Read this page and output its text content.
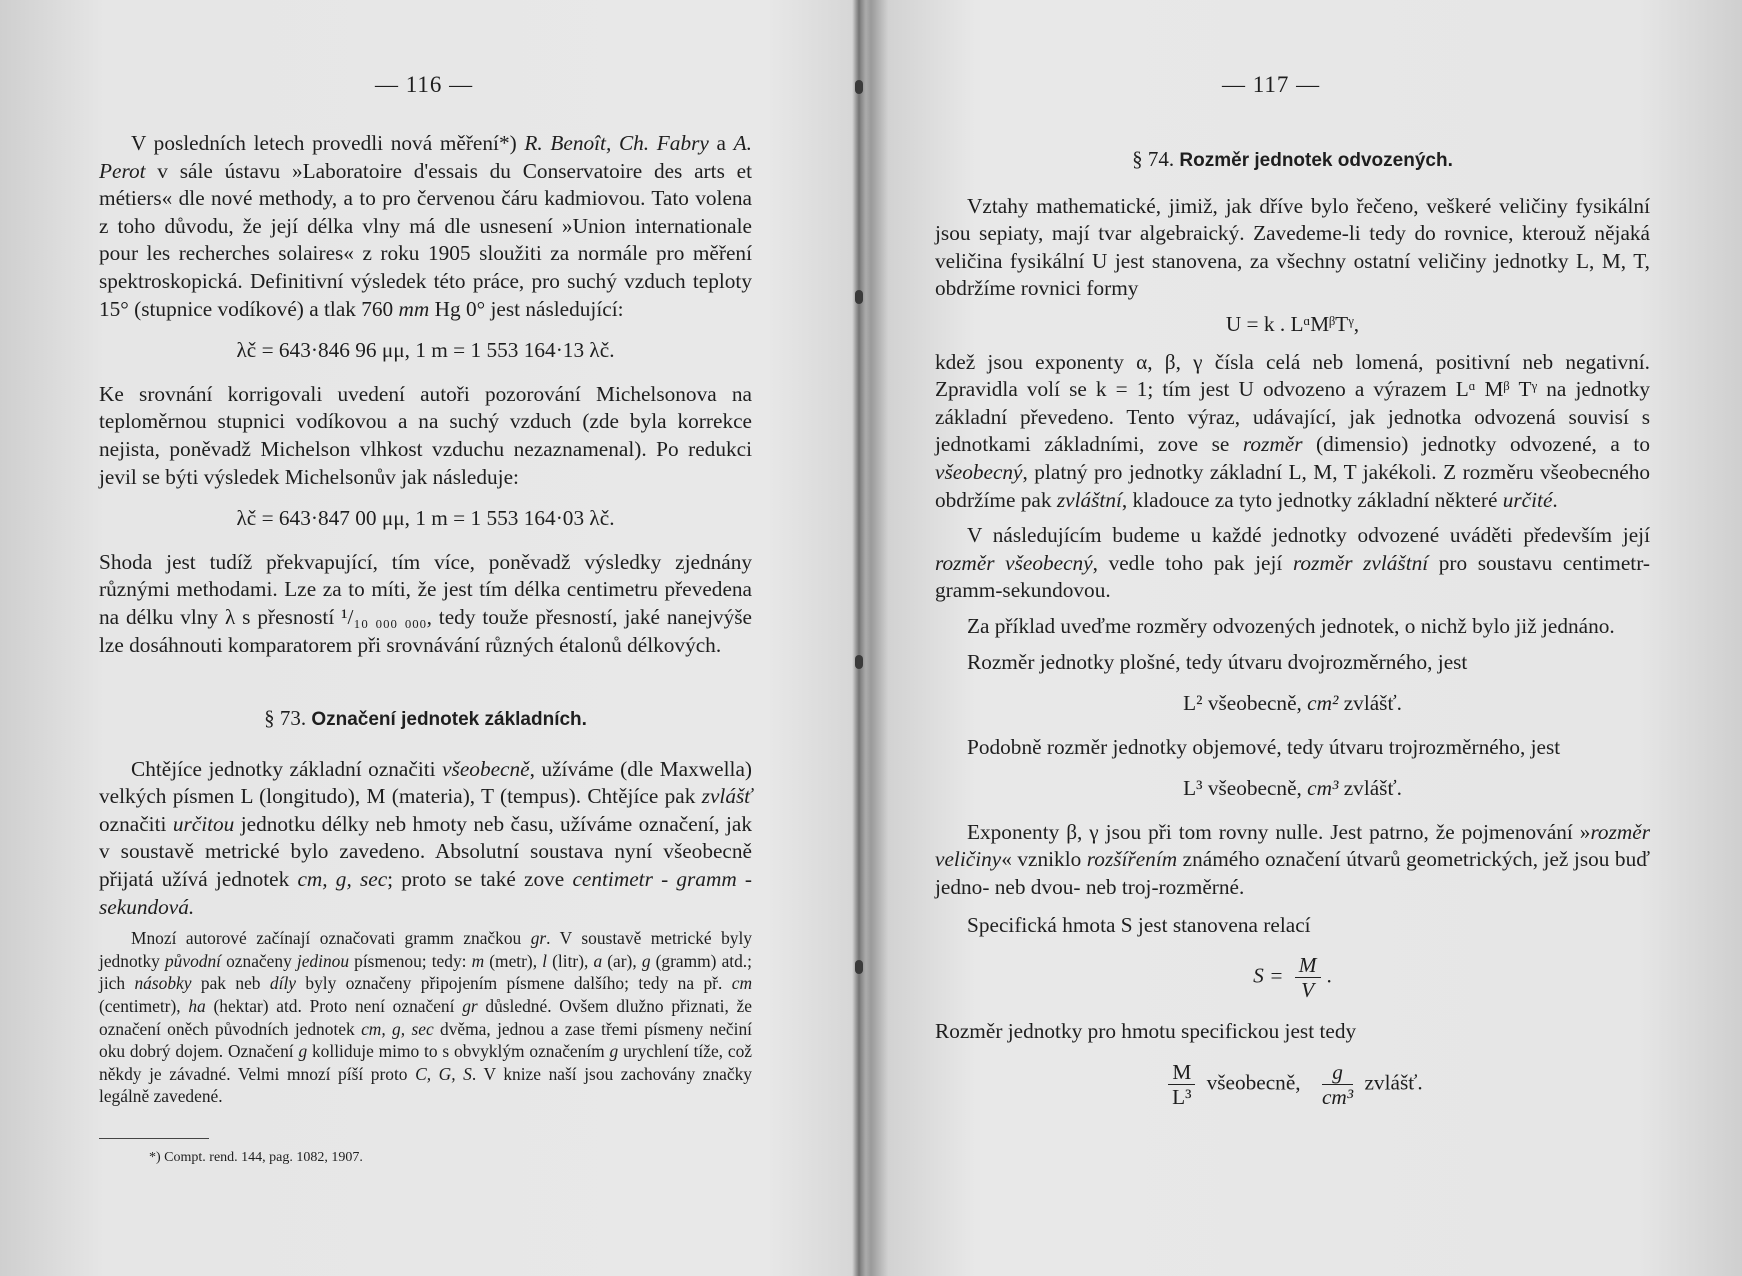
— 116 —

V posledních letech provedli nová měření*) R. Benoît, Ch. Fabry a A. Perot v sále ústavu »Laboratoire d'essais du Conservatoire des arts et métiers« dle nové methody, a to pro červenou čáru kadmiovou. Tato volena z toho důvodu, že její délka vlny má dle usnesení »Union internationale pour les recherches solaires« z roku 1905 sloužiti za normále pro měření spektroskopická. Definitivní výsledek této práce, pro suchý vzduch teploty 15° (stupnice vodíkové) a tlak 760 mm Hg 0° jest následující:

λč = 643·846 96 μμ, 1 m = 1 553 164·13 λč.

Ke srovnání korrigovali uvedení autoři pozorování Michelsonova na teploměrnou stupnici vodíkovou a na suchý vzduch (zde byla korrekce nejista, poněvadž Michelson vlhkost vzduchu nezaznamenal). Po redukci jevil se býti výsledek Michelsonův jak následuje:

λč = 643·847 00 μμ, 1 m = 1 553 164·03 λč.

Shoda jest tudíž překvapující, tím více, poněvadž výsledky zjednány různými methodami. Lze za to míti, že jest tím délka centimetru převedena na délku vlny λ s přesností ¹/₁₀ ₀₀₀ ₀₀₀, tedy touže přesností, jaké nanejvýše lze dosáhnouti komparatorem při srovnávání různých étalonů délkových.

§ 73. Označení jednotek základních.

Chtějíce jednotky základní označiti všeobecně, užíváme (dle Maxwella) velkých písmen L (longitudo), M (materia), T (tempus). Chtějíce pak zvlášť označiti určitou jednotku délky neb hmoty neb času, užíváme označení, jak v soustavě metrické bylo zavedeno. Absolutní soustava nyní všeobecně přijatá užívá jednotek cm, g, sec; proto se také zove centimetr - gramm - sekundová.

Mnozí autorové začínají označovati gramm značkou gr. V soustavě metrické byly jednotky původní označeny jedinou písmenou; tedy: m (metr), l (litr), a (ar), g (gramm) atd.; jich násobky pak neb díly byly označeny připojením písmene dalšího; tedy na př. cm (centimetr), ha (hektar) atd. Proto není označení gr důsledné. Ovšem dlužno přiznati, že označení oněch původních jednotek cm, g, sec dvěma, jednou a zase třemi písmeny nečiní oku dobrý dojem. Označení g kolliduje mimo to s obvyklým označením g urychlení tíže, což někdy je závadné. Velmi mnozí píší proto C, G, S. V knize naší jsou zachovány značky legálně zavedené.

*) Compt. rend. 144, pag. 1082, 1907.
— 117 —
§ 74. Rozměr jednotek odvozených.

Vztahy mathematické, jimiž, jak dříve bylo řečeno, veškeré veličiny fysikální jsou sepiaty, mají tvar algebraický. Zavedeme-li tedy do rovnice, kterouž nějaká veličina fysikální U jest stanovena, za všechny ostatní veličiny jednotky L, M, T, obdržíme rovnici formy

U = k . LᵅMᵝTᵞ,

kdež jsou exponenty α, β, γ čísla celá neb lomená, positivní neb negativní. Zpravidla volí se k = 1; tím jest U odvozeno a výrazem Lᵅ Mᵝ Tᵞ na jednotky základní převedeno. Tento výraz, udávající, jak jednotka odvozená souvisí s jednotkami základními, zove se rozměr (dimensio) jednotky odvozené, a to všeobecný, platný pro jednotky základní L, M, T jakékoli. Z rozměru všeobecného obdržíme pak zvláštní, kladouce za tyto jednotky základní některé určité.

V následujícím budeme u každé jednotky odvozené uváděti především její rozměr všeobecný, vedle toho pak její rozměr zvláštní pro soustavu centimetr-gramm-sekundovou.

Za příklad uveďme rozměry odvozených jednotek, o nichž bylo již jednáno.

Rozměr jednotky plošné, tedy útvaru dvojrozměrného, jest

L² všeobecně, cm² zvlášť.

Podobně rozměr jednotky objemové, tedy útvaru trojrozměrného, jest

L³ všeobecně, cm³ zvlášť.

Exponenty β, γ jsou při tom rovny nulle. Jest patrno, že pojmenování »rozměr veličiny« vzniklo rozšířením známého označení útvarů geometrických, jež jsou buď jedno- neb dvou- neb troj-rozměrné.

Specifická hmota S jest stanovena relací

$S = \frac{M}{V}$ .

Rozměr jednotky pro hmotu specifickou jest tedy

$\frac{M}{\text{L³}}$ všeobecně, $\frac{g}{\text{cm³}}$ zvlášť.
